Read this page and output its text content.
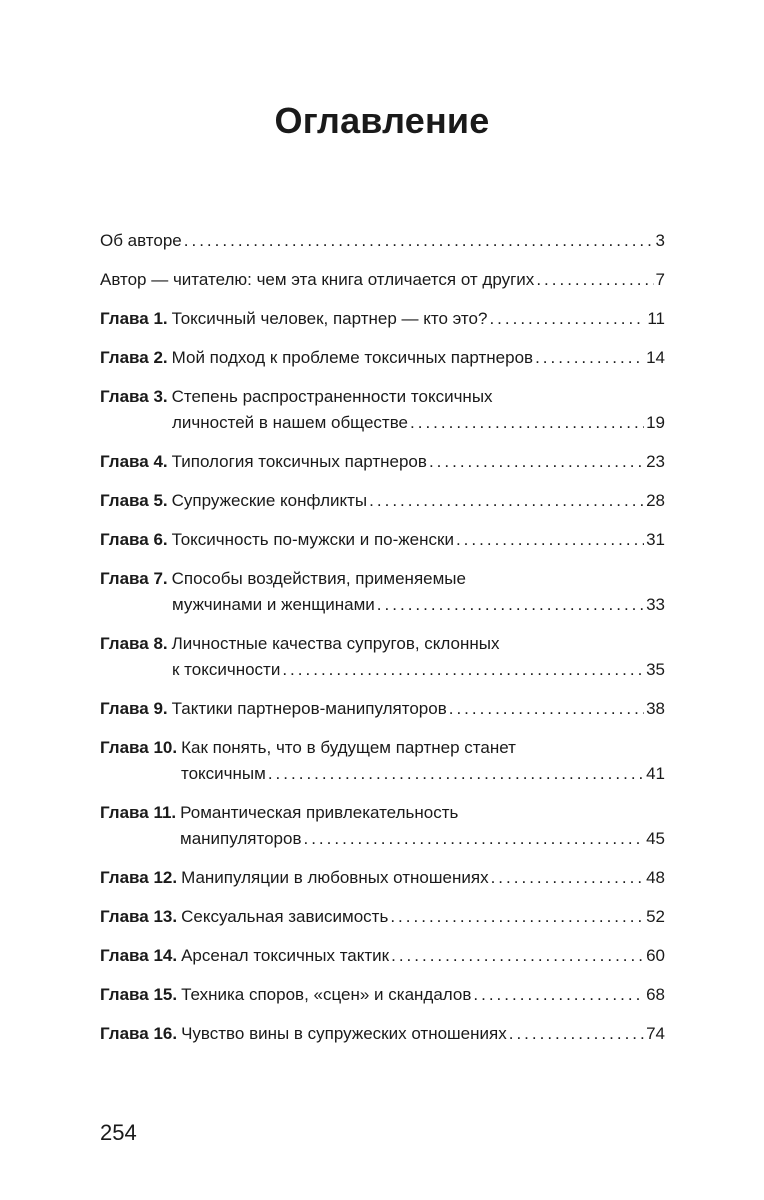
Оглавление
Об авторе .....	3
Автор — читателю: чем эта книга отличается от других .....	7
Глава 1. Токсичный человек, партнер — кто это? .....	11
Глава 2. Мой подход к проблеме токсичных партнеров .....	14
Глава 3. Степень распространенности токсичных
личностей в нашем обществе .....	19
Глава 4. Типология токсичных партнеров .....	23
Глава 5. Супружеские конфликты .....	28
Глава 6. Токсичность по-мужски и по-женски .....	31
Глава 7. Способы воздействия, применяемые
мужчинами и женщинами .....	33
Глава 8. Личностные качества супругов, склонных
к токсичности .....	35
Глава 9. Тактики партнеров-манипуляторов .....	38
Глава 10. Как понять, что в будущем партнер станет
токсичным .....	41
Глава 11. Романтическая привлекательность
манипуляторов .....	45
Глава 12. Манипуляции в любовных отношениях .....	48
Глава 13. Сексуальная зависимость .....	52
Глава 14. Арсенал токсичных тактик .....	60
Глава 15. Техника споров, «сцен» и скандалов .....	68
Глава 16. Чувство вины в супружеских отношениях .....	74
254
